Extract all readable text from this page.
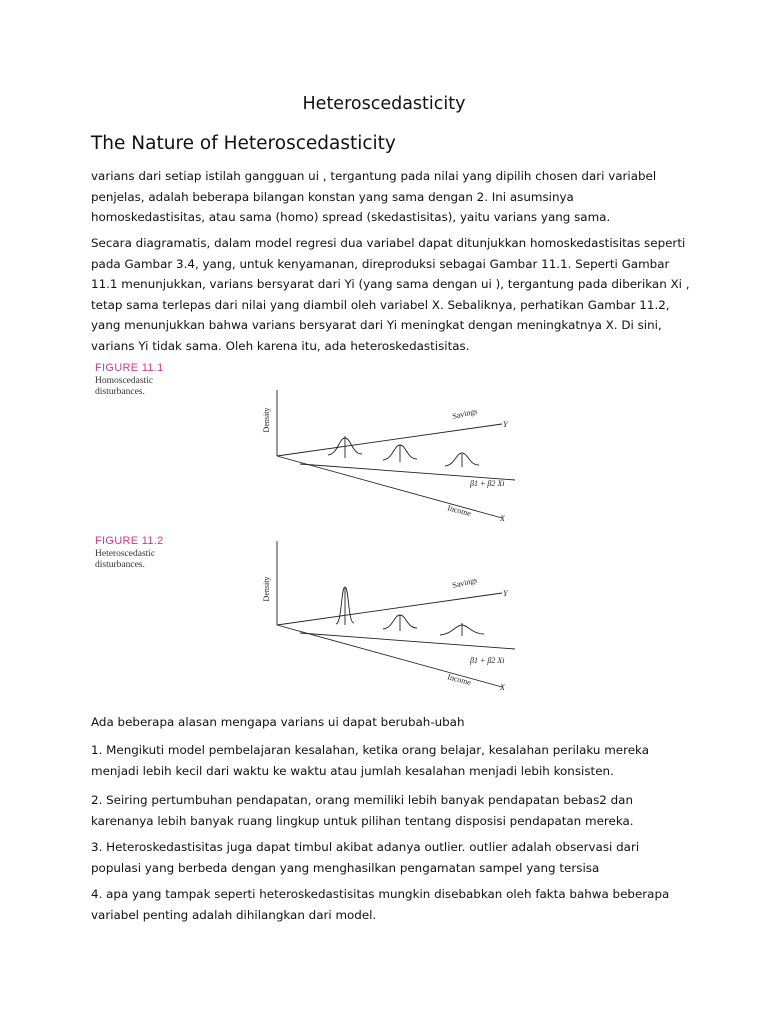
Heteroscedasticity
The Nature of Heteroscedasticity

varians dari setiap istilah gangguan ui , tergantung pada nilai yang dipilih chosen dari variabel penjelas, adalah beberapa bilangan konstan yang sama dengan 2. Ini asumsinya homoskedastisitas, atau sama (homo) spread (skedastisitas), yaitu varians yang sama.

Secara diagramatis, dalam model regresi dua variabel dapat ditunjukkan homoskedastisitas seperti pada Gambar 3.4, yang, untuk kenyamanan, direproduksi sebagai Gambar 11.1. Seperti Gambar 11.1 menunjukkan, varians bersyarat dari Yi (yang sama dengan ui ), tergantung pada diberikan Xi , tetap sama terlepas dari nilai yang diambil oleh variabel X. Sebaliknya, perhatikan Gambar 11.2, yang menunjukkan bahwa varians bersyarat dari Yi meningkat dengan meningkatnya X. Di sini, varians Yi tidak sama. Oleh karena itu, ada heteroskedastisitas.

FIGURE 11.1
Homoscedastic
disturbances.
Density	Savings
Y
β1 + β2 Xi
Income
X
FIGURE 11.2
Heteroscedastic
disturbances.
Density	Savings
Y
β1 + β2 Xi
Income
X

Ada beberapa alasan mengapa varians ui dapat berubah-ubah

1. Mengikuti model pembelajaran kesalahan, ketika orang belajar, kesalahan perilaku mereka menjadi lebih kecil dari waktu ke waktu atau jumlah kesalahan menjadi lebih konsisten.

2. Seiring pertumbuhan pendapatan, orang memiliki lebih banyak pendapatan bebas2 dan karenanya lebih banyak ruang lingkup untuk pilihan tentang disposisi pendapatan mereka.

3. Heteroskedastisitas juga dapat timbul akibat adanya outlier. outlier adalah observasi dari populasi yang berbeda dengan yang menghasilkan pengamatan sampel yang tersisa

4. apa yang tampak seperti heteroskedastisitas mungkin disebabkan oleh fakta bahwa beberapa variabel penting adalah dihilangkan dari model.
